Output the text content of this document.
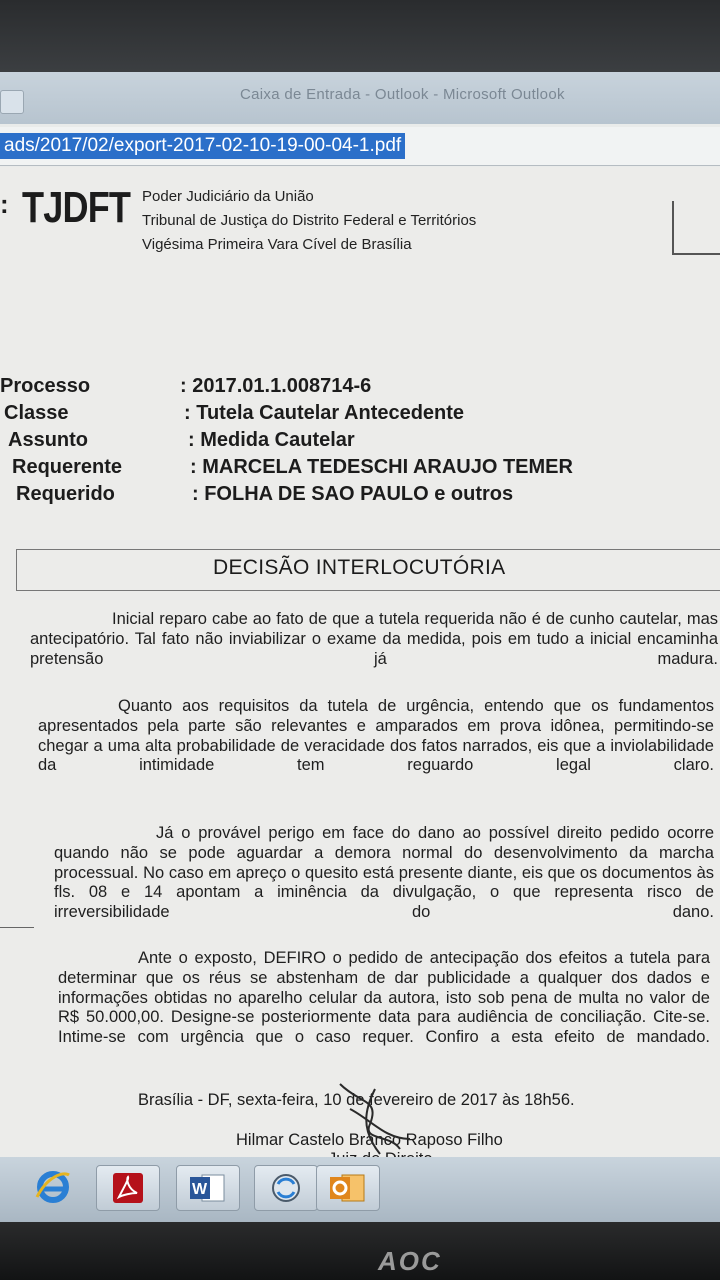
Caixa de Entrada - Outlook - Microsoft Outlook
ads/2017/02/export-2017-02-10-19-00-04-1.pdf
: TJDFT Poder Judiciário da União
Tribunal de Justiça do Distrito Federal e Territórios
Vigésima Primeira Vara Cível de Brasília
Processo	: 2017.01.1.008714-6
Classe	: Tutela Cautelar Antecedente
Assunto	: Medida Cautelar
Requerente	: MARCELA TEDESCHI ARAUJO TEMER
Requerido	: FOLHA DE SAO PAULO e outros
DECISÃO INTERLOCUTÓRIA
Inicial reparo cabe ao fato de que a tutela requerida não é de cunho cautelar, mas antecipatório. Tal fato não inviabilizar o exame da medida, pois em tudo a inicial encaminha pretensão já madura.
Quanto aos requisitos da tutela de urgência, entendo que os fundamentos apresentados pela parte são relevantes e amparados em prova idônea, permitindo-se chegar a uma alta probabilidade de veracidade dos fatos narrados, eis que a inviolabilidade da intimidade tem reguardo legal claro.
Já o provável perigo em face do dano ao possível direito pedido ocorre quando não se pode aguardar a demora normal do desenvolvimento da marcha processual. No caso em apreço o quesito está presente diante, eis que os documentos às fls. 08 e 14 apontam a iminência da divulgação, o que representa risco de irreversibilidade do dano.
Ante o exposto, DEFIRO o pedido de antecipação dos efeitos a tutela para determinar que os réus se abstenham de dar publicidade a qualquer dos dados e informações obtidas no aparelho celular da autora, isto sob pena de multa no valor de R$ 50.000,00. Designe-se posteriormente data para audiência de conciliação. Cite-se. Intime-se com urgência que o caso requer. Confiro a esta efeito de mandado.
Brasília - DF, sexta-feira, 10 de fevereiro de 2017 às 18h56.
Hilmar Castelo Branco Raposo Filho
W
AOC
